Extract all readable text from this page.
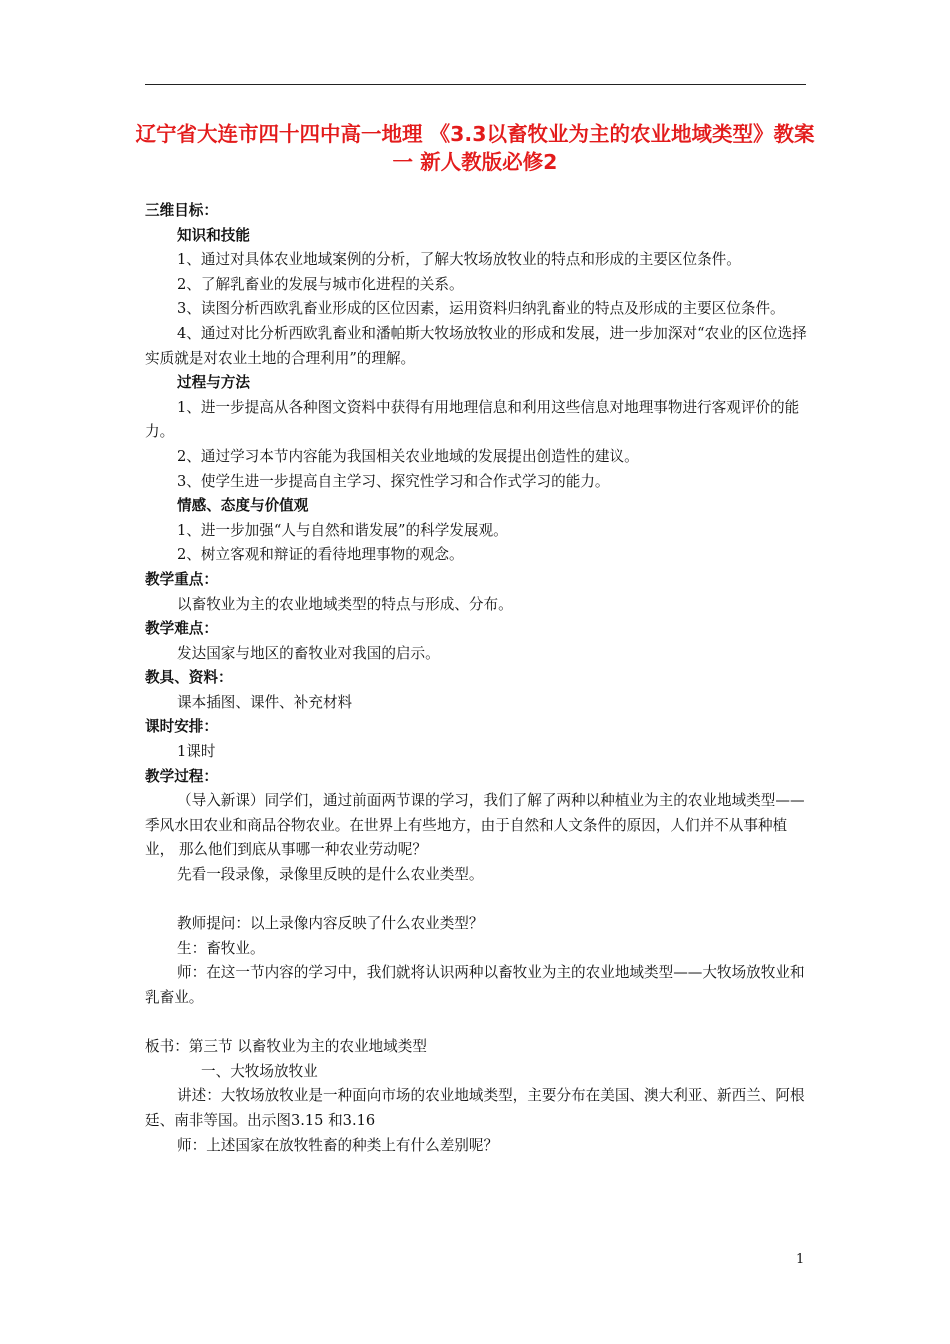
辽宁省大连市四十四中高一地理 《3.3以畜牧业为主的农业地域类型》教案一 新人教版必修2

三维目标：

知识和技能

1、通过对具体农业地域案例的分析，了解大牧场放牧业的特点和形成的主要区位条件。

2、了解乳畜业的发展与城市化进程的关系。

3、读图分析西欧乳畜业形成的区位因素，运用资料归纳乳畜业的特点及形成的主要区位条件。

4、通过对比分析西欧乳畜业和潘帕斯大牧场放牧业的形成和发展，进一步加深对“农业的区位选择实质就是对农业土地的合理利用”的理解。

过程与方法

1、进一步提高从各种图文资料中获得有用地理信息和利用这些信息对地理事物进行客观评价的能力。

2、通过学习本节内容能为我国相关农业地域的发展提出创造性的建议。

3、使学生进一步提高自主学习、探究性学习和合作式学习的能力。

情感、态度与价值观

1、进一步加强“人与自然和谐发展”的科学发展观。

2、树立客观和辩证的看待地理事物的观念。

教学重点：

以畜牧业为主的农业地域类型的特点与形成、分布。

教学难点：

发达国家与地区的畜牧业对我国的启示。

教具、资料：

课本插图、课件、补充材料

课时安排：

1课时

教学过程：

（导入新课）同学们，通过前面两节课的学习，我们了解了两种以种植业为主的农业地域类型——季风水田农业和商品谷物农业。在世界上有些地方，由于自然和人文条件的原因，人们并不从事种植业， 那么他们到底从事哪一种农业劳动呢？

先看一段录像，录像里反映的是什么农业类型。

教师提问：以上录像内容反映了什么农业类型？

生：畜牧业。

师：在这一节内容的学习中，我们就将认识两种以畜牧业为主的农业地域类型——大牧场放牧业和乳畜业。

板书：第三节 以畜牧业为主的农业地域类型

一、大牧场放牧业

讲述：大牧场放牧业是一种面向市场的农业地域类型，主要分布在美国、澳大利亚、新西兰、阿根廷、南非等国。出示图3.15 和3.16

师：上述国家在放牧牲畜的种类上有什么差别呢？

1
